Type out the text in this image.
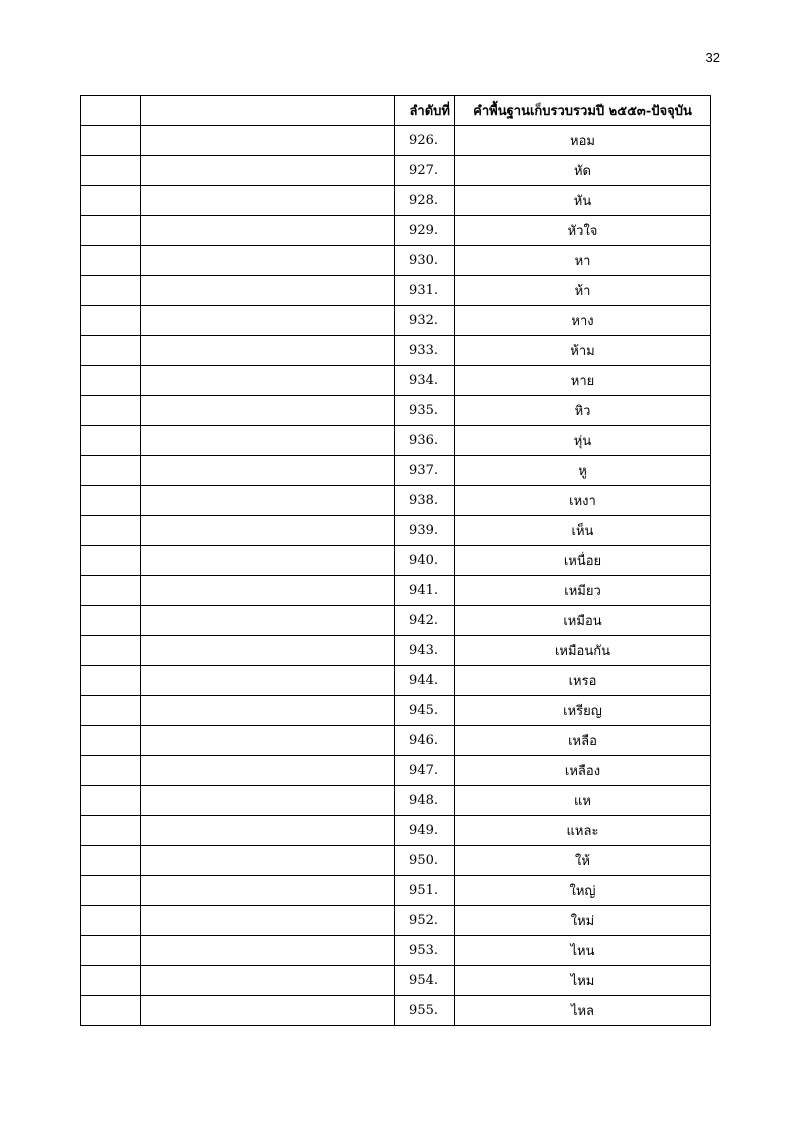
32
		ลำดับที่	คำพื้นฐานเก็บรวบรวมปี ๒๕๕๓-ปัจจุบัน
		926.	หอม
		927.	หัด
		928.	หัน
		929.	หัวใจ
		930.	หา
		931.	ห้า
		932.	หาง
		933.	ห้าม
		934.	หาย
		935.	หิว
		936.	หุ่น
		937.	หู
		938.	เหงา
		939.	เห็น
		940.	เหนื่อย
		941.	เหมียว
		942.	เหมือน
		943.	เหมือนกัน
		944.	เหรอ
		945.	เหรียญ
		946.	เหลือ
		947.	เหลือง
		948.	แห
		949.	แหละ
		950.	ให้
		951.	ใหญ่
		952.	ใหม่
		953.	ไหน
		954.	ไหม
		955.	ไหล
